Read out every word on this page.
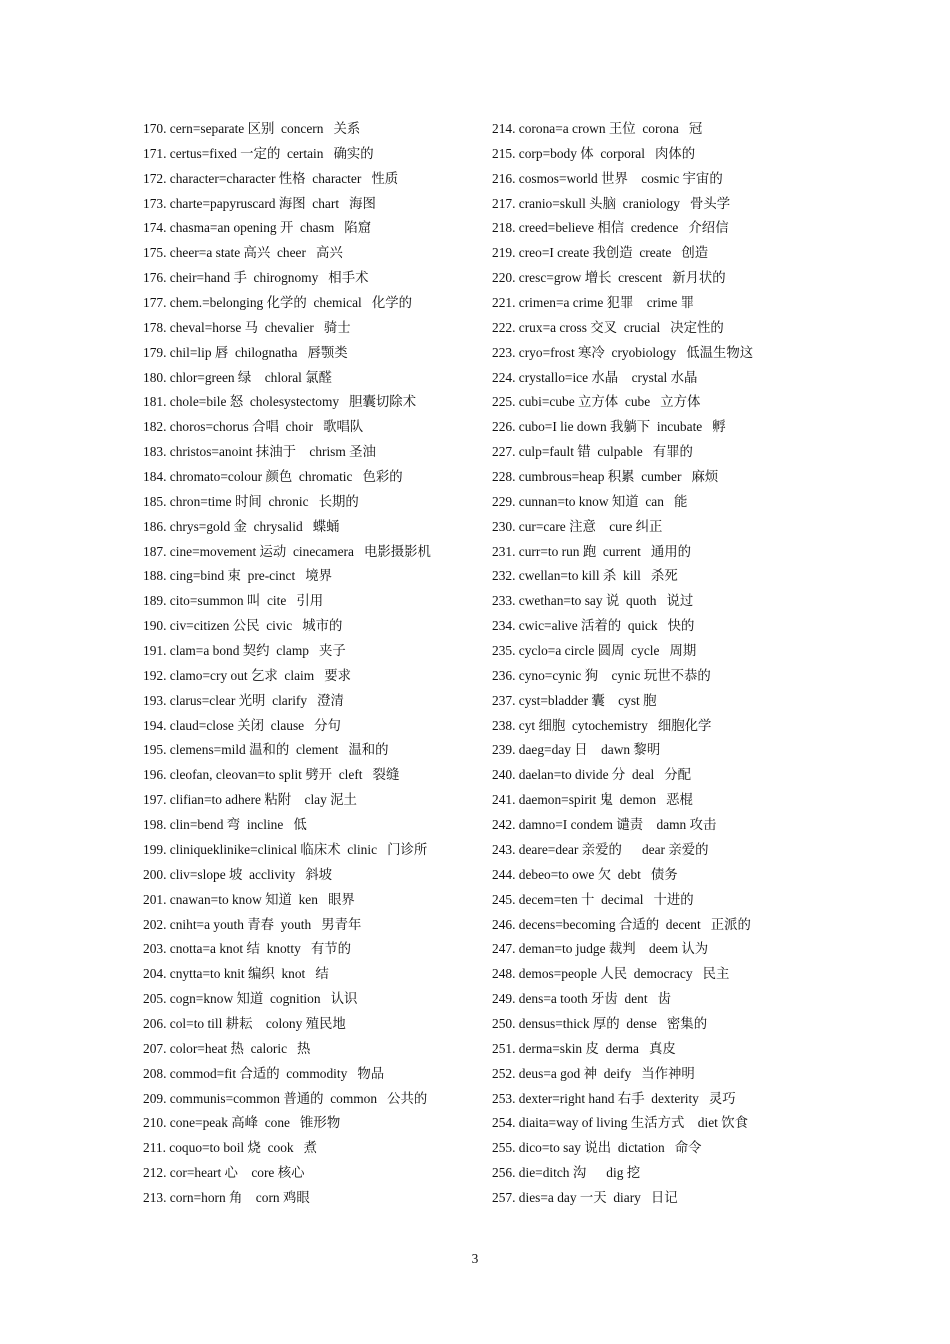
170. cern=separate 区别  concern   关系
171. certus=fixed 一定的  certain   确实的
172. character=character 性格  character   性质
173. charte=papyruscard 海图  chart   海图
174. chasma=an opening 开  chasm   陷窟
175. cheer=a state 高兴  cheer   高兴
176. cheir=hand 手  chirognomy   相手术
177. chem.=belonging 化学的  chemical   化学的
178. cheval=horse 马  chevalier   骑士
179. chil=lip 唇  chilognatha   唇颚类
180. chlor=green 绿    chloral 氯醛
181. chole=bile 怒  cholesystectomy   胆囊切除术
182. choros=chorus 合唱  choir   歌唱队
183. christos=anoint 抹油于    chrism 圣油
184. chromato=colour 颜色  chromatic   色彩的
185. chron=time 时间  chronic   长期的
186. chrys=gold 金  chrysalid   蝶蛹
187. cine=movement 运动  cinecamera   电影摄影机
188. cing=bind 束  pre-cinct   境界
189. cito=summon 叫  cite   引用
190. civ=citizen 公民  civic   城市的
191. clam=a bond 契约  clamp   夹子
192. clamo=cry out 乞求  claim   要求
193. clarus=clear 光明  clarify   澄清
194. claud=close 关闭  clause   分句
195. clemens=mild 温和的  clement   温和的
196. cleofan, cleovan=to split 劈开  cleft   裂缝
197. clifian=to adhere 粘附    clay 泥土
198. clin=bend 弯  incline   低
199. cliniqueklinike=clinical 临床术  clinic   门诊所
200. cliv=slope 坡  acclivity   斜坡
201. cnawan=to know 知道  ken   眼界
202. cniht=a youth 青春  youth   男青年
203. cnotta=a knot 结  knotty   有节的
204. cnytta=to knit 编织  knot   结
205. cogn=know 知道  cognition   认识
206. col=to till 耕耘    colony 殖民地
207. color=heat 热  caloric   热
208. commod=fit 合适的  commodity   物品
209. communis=common 普通的  common   公共的
210. cone=peak 高峰  cone   锥形物
211. coquo=to boil 烧  cook   煮
212. cor=heart 心    core 核心
213. corn=horn 角    corn 鸡眼
214. corona=a crown 王位  corona   冠
215. corp=body 体  corporal   肉体的
216. cosmos=world 世界    cosmic 宇宙的
217. cranio=skull 头脑  craniology   骨头学
218. creed=believe 相信  credence   介绍信
219. creo=I create 我创造  create   创造
220. cresc=grow 增长  crescent   新月状的
221. crimen=a crime 犯罪    crime 罪
222. crux=a cross 交叉  crucial   决定性的
223. cryo=frost 寒冷  cryobiology   低温生物这
224. crystallo=ice 水晶    crystal 水晶
225. cubi=cube 立方体  cube   立方体
226. cubo=I lie down 我躺下  incubate   孵
227. culp=fault 错  culpable   有罪的
228. cumbrous=heap 积累  cumber   麻烦
229. cunnan=to know 知道  can   能
230. cur=care 注意    cure 纠正
231. curr=to run 跑  current   通用的
232. cwellan=to kill 杀  kill   杀死
233. cwethan=to say 说  quoth   说过
234. cwic=alive 活着的  quick   快的
235. cyclo=a circle 圆周  cycle   周期
236. cyno=cynic 狗    cynic 玩世不恭的
237. cyst=bladder 囊    cyst 胞
238. cyt 细胞  cytochemistry   细胞化学
239. daeg=day 日    dawn 黎明
240. daelan=to divide 分  deal   分配
241. daemon=spirit 鬼  demon   恶棍
242. damno=I condem 谴责    damn 攻击
243. deare=dear 亲爱的      dear 亲爱的
244. debeo=to owe 欠  debt   债务
245. decem=ten 十  decimal   十进的
246. decens=becoming 合适的  decent   正派的
247. deman=to judge 裁判    deem 认为
248. demos=people 人民  democracy   民主
249. dens=a tooth 牙齿  dent   齿
250. densus=thick 厚的  dense   密集的
251. derma=skin 皮  derma   真皮
252. deus=a god 神  deify   当作神明
253. dexter=right hand 右手  dexterity   灵巧
254. diaita=way of living 生活方式    diet 饮食
255. dico=to say 说出  dictation   命令
256. die=ditch 沟      dig 挖
257. dies=a day 一天  diary   日记
3
